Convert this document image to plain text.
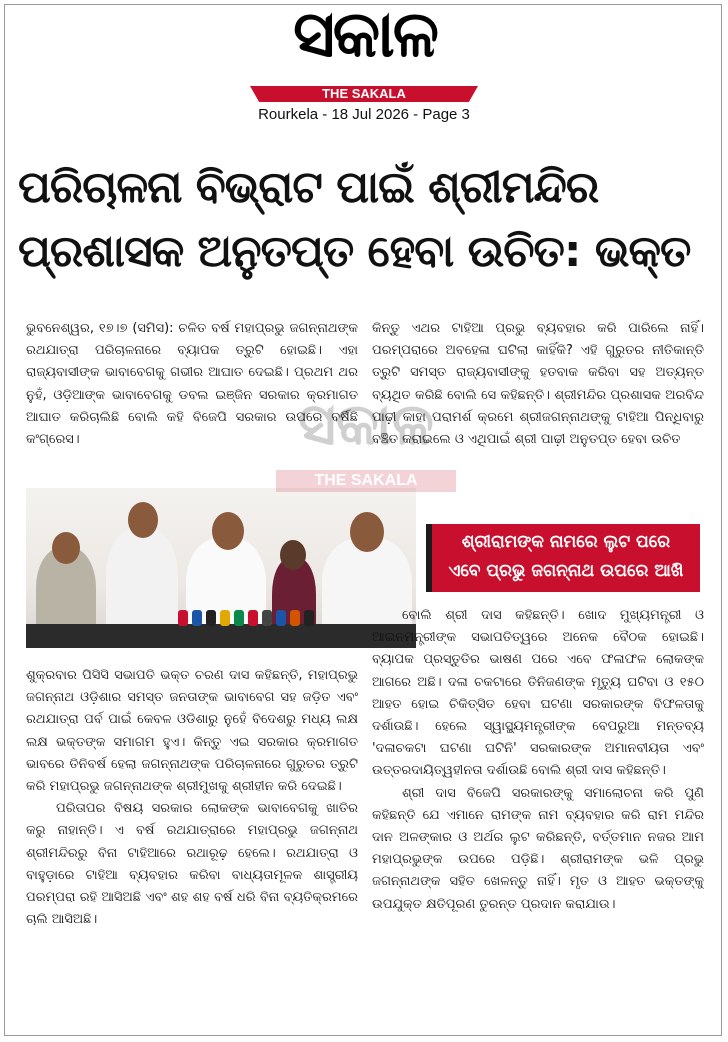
ସକାଳ
THE SAKALA
Rourkela - 18 Jul 2026 - Page 3
ପରିଚାଳନା ବିଭ୍ରାଟ ପାଇଁ ଶ୍ରୀମନ୍ଦିର
ପ୍ରଶାସକ ଅନୁତପ୍ତ ହେବା ଉଚିତ: ଭକ୍ତ

ଭୁବନେଶ୍ୱର, ୧୭।୭ (ସମିସ): ଚଳିତ ବର୍ଷ ମହାପ୍ରଭୁ ଜଗନ୍ନାଥଙ୍କ ରଥଯାତ୍ରା ପରିଚାଳନାରେ ବ୍ୟାପକ ତ୍ରୁଟି ହୋଇଛି। ଏହା ରାଜ୍ୟବାସୀଙ୍କ ଭାବାବେଗକୁ ଗଭୀର ଆଘାତ ଦେଇଛି। ପ୍ରଥମ ଥର ନୁହଁ, ଓଡ଼ିଆଙ୍କ ଭାବାବେଗକୁ ଡବଲ ଇଞ୍ଜିନ ସରକାର କ୍ରମାଗତ ଆଘାତ କରିଚାଲିଛି ବୋଲି କହି ବିଜେପି ସରକାର ଉପରେ ବର୍ଷିଛି କଂଗ୍ରେସ।

କିନ୍ତୁ ଏଥର ଟାହିଆ ପ୍ରଭୁ ବ୍ୟବହାର କରି ପାରିଲେ ନାହିଁ। ପରମ୍ପରାରେ ଅବହେଳା ଘଟିଲା କାହିଁକି? ଏହି ଗୁରୁତର ନୀତିକାନ୍ତି ତ୍ରୁଟି ସମସ୍ତ ରାଜ୍ୟବାସୀଙ୍କୁ ହତବାକ କରିବା ସହ ଅତ୍ୟନ୍ତ ବ୍ୟଥିତ କରିଛି ବୋଲି ସେ କହିଛନ୍ତି। ଶ୍ରୀମନ୍ଦିର ପ୍ରଶାସକ ଅରବିନ୍ଦ ପାଢ଼ୀ କାହା ପରାମର୍ଶ କ୍ରମେ ଶ୍ରୀଜଗନ୍ନାଥଙ୍କୁ ଟାହିଆ ପିନ୍ଧିବାରୁ ବଞ୍ଚିତ କରାଇଲେ ଓ ଏଥିପାଇଁ ଶ୍ରୀ ପାଢ଼ୀ ଅନୁତପ୍ତ ହେବା ଉଚିତ

ଶ୍ରୀରାମଙ୍କ ନାମରେ ଲୁଟ ପରେ
ଏବେ ପ୍ରଭୁ ଜଗନ୍ନାଥ ଉପରେ ଆଖି

ଶୁକ୍ରବାର ପିସିସି ସଭାପତି ଭକ୍ତ ଚରଣ ଦାସ କହିଛନ୍ତି, ମହାପ୍ରଭୁ ଜଗନ୍ନାଥ ଓଡ଼ିଶାର ସମସ୍ତ ଜନତାଙ୍କ ଭାବାବେଗ ସହ ଜଡ଼ିତ ଏବଂ ରଥଯାତ୍ରା ପର୍ବ ପାଇଁ କେବଳ ଓଡିଶାରୁ ନୁହେଁ ବିଦେଶରୁ ମଧ୍ୟ ଲକ୍ଷ ଲକ୍ଷ ଭକ୍ତଙ୍କ ସମାଗମ ହୁଏ। କିନ୍ତୁ ଏଇ ସରକାର କ୍ରମାଗତ ଭାବରେ ତିନିବର୍ଷ ହେଲା ଜଗନ୍ନାଥଙ୍କ ପରିଚାଳନାରେ ଗୁରୁତର ତ୍ରୁଟି କରି ମହାପ୍ରଭୁ ଜଗନ୍ନାଥଙ୍କ ଶ୍ରୀମୁଖକୁ ଶ୍ରୀହୀନ କରି ଦେଇଛି।

ପରିତାପର ବିଷୟ ସରକାର ଲୋକଙ୍କ ଭାବାବେଗକୁ ଖାତିର କରୁ ନାହାନ୍ତି। ଏ ବର୍ଷ ରଥଯାତ୍ରାରେ ମହାପ୍ରଭୁ ଜଗନ୍ନାଥ ଶ୍ରୀମନ୍ଦିରରୁ ବିନା ଟାହିଆରେ ରଥାରୂଢ଼ ହେଲେ। ରଥଯାତ୍ରା ଓ ବାହୁଡ଼ାରେ ଟାହିଆ ବ୍ୟବହାର କରିବା ବାଧ୍ୟତାମୂଳକ ଶାସ୍ତ୍ରୀୟ ପରମ୍ପରା ରହି ଆସିଅଛି ଏବଂ ଶହ ଶହ ବର୍ଷ ଧରି ବିନା ବ୍ୟତିକ୍ରମରେ ଚାଲି ଆସିଅଛି।

ବୋଲି ଶ୍ରୀ ଦାସ କହିଛନ୍ତି। ଖୋଦ ମୁଖ୍ୟମନ୍ତ୍ରୀ ଓ ଆଇନମନ୍ତ୍ରୀଙ୍କ ସଭାପତିତ୍ୱରେ ଅନେକ ବୈଠକ ହୋଇଛି। ବ୍ୟାପକ ପ୍ରସ୍ତୁତିର ଭାଷଣ ପରେ ଏବେ ଫଳାଫଳ ଲୋକଙ୍କ ଆଗରେ ଅଛି। ଦଳା ଚକଟାରେ ତିନିଜଣଙ୍କ ମୃତ୍ୟୁ ଘଟିବା ଓ ୧୫୦ ଆହତ ହୋଇ ଚିକିତ୍ସିତ ହେବା ଘଟଣା ସରକାରଙ୍କ ବିଫଳତାକୁ ଦର୍ଶାଉଛି। ହେଲେ ସ୍ୱାସ୍ଥ୍ୟମନ୍ତ୍ରୀଙ୍କ ବେପରୁଆ ମନ୍ତବ୍ୟ 'ଦଳାଚକଟା ଘଟଣା ଘଟିନି' ସରକାରଙ୍କ ଅମାନବୀୟତା ଏବଂ ଉତ୍ତରଦାୟିତ୍ୱହୀନତା ଦର୍ଶାଉଛି ବୋଲି ଶ୍ରୀ ଦାସ କହିଛନ୍ତି।

ଶ୍ରୀ ଦାସ ବିଜେପି ସରକାରଙ୍କୁ ସମାଲୋଚନା କରି ପୁଣି କହିଛନ୍ତି ଯେ ଏମାନେ ରାମଙ୍କ ନାମ ବ୍ୟବହାର କରି ରାମ ମନ୍ଦିର ଦାନ ଅଳଙ୍କାର ଓ ଅର୍ଥର ଲୁଟ କରିଛନ୍ତି, ବର୍ତ୍ତମାନ ନଜର ଆମ ମହାପ୍ରଭୁଙ୍କ ଉପରେ ପଡ଼ିଛି। ଶ୍ରୀରାମଙ୍କ ଭଳି ପ୍ରଭୁ ଜଗନ୍ନାଥଙ୍କ ସହିତ ଖେଳନ୍ତୁ ନାହିଁ। ମୃତ ଓ ଆହତ ଭକ୍ତଙ୍କୁ ଉପଯୁକ୍ତ କ୍ଷତିପୂରଣ ତୁରନ୍ତ ପ୍ରଦାନ କରାଯାଉ।

ସକାଳ
THE SAKALA
